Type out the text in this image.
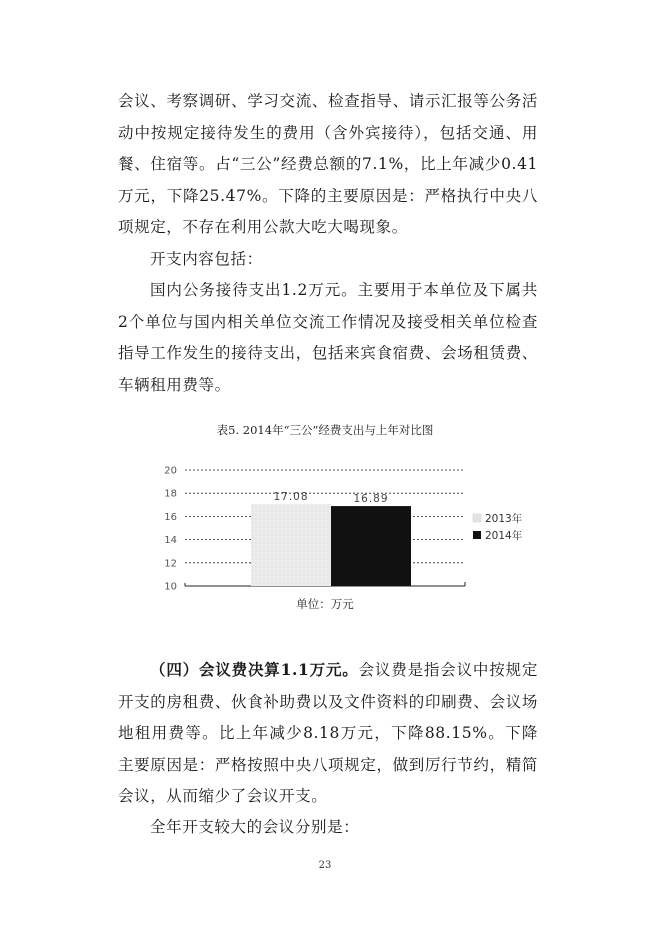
会议、考察调研、学习交流、检查指导、请示汇报等公务活动中按规定接待发生的费用（含外宾接待），包括交通、用餐、住宿等。占“三公”经费总额的7.1%，比上年减少0.41万元，下降25.47%。下降的主要原因是：严格执行中央八项规定，不存在利用公款大吃大喝现象。

开支内容包括：

国内公务接待支出1.2万元。主要用于本单位及下属共2个单位与国内相关单位交流工作情况及接受相关单位检查指导工作发生的接待支出，包括来宾食宿费、会场租赁费、车辆租用费等。

表5. 2014年“三公”经费支出与上年对比图
10
12
14
16
18
20
17.08	16.89
2013年
2014年
单位：万元

（四）会议费决算1.1万元。会议费是指会议中按规定开支的房租费、伙食补助费以及文件资料的印刷费、会议场地租用费等。比上年减少8.18万元，下降88.15%。下降主要原因是：严格按照中央八项规定，做到厉行节约，精简会议，从而缩少了会议开支。

全年开支较大的会议分别是：

23
